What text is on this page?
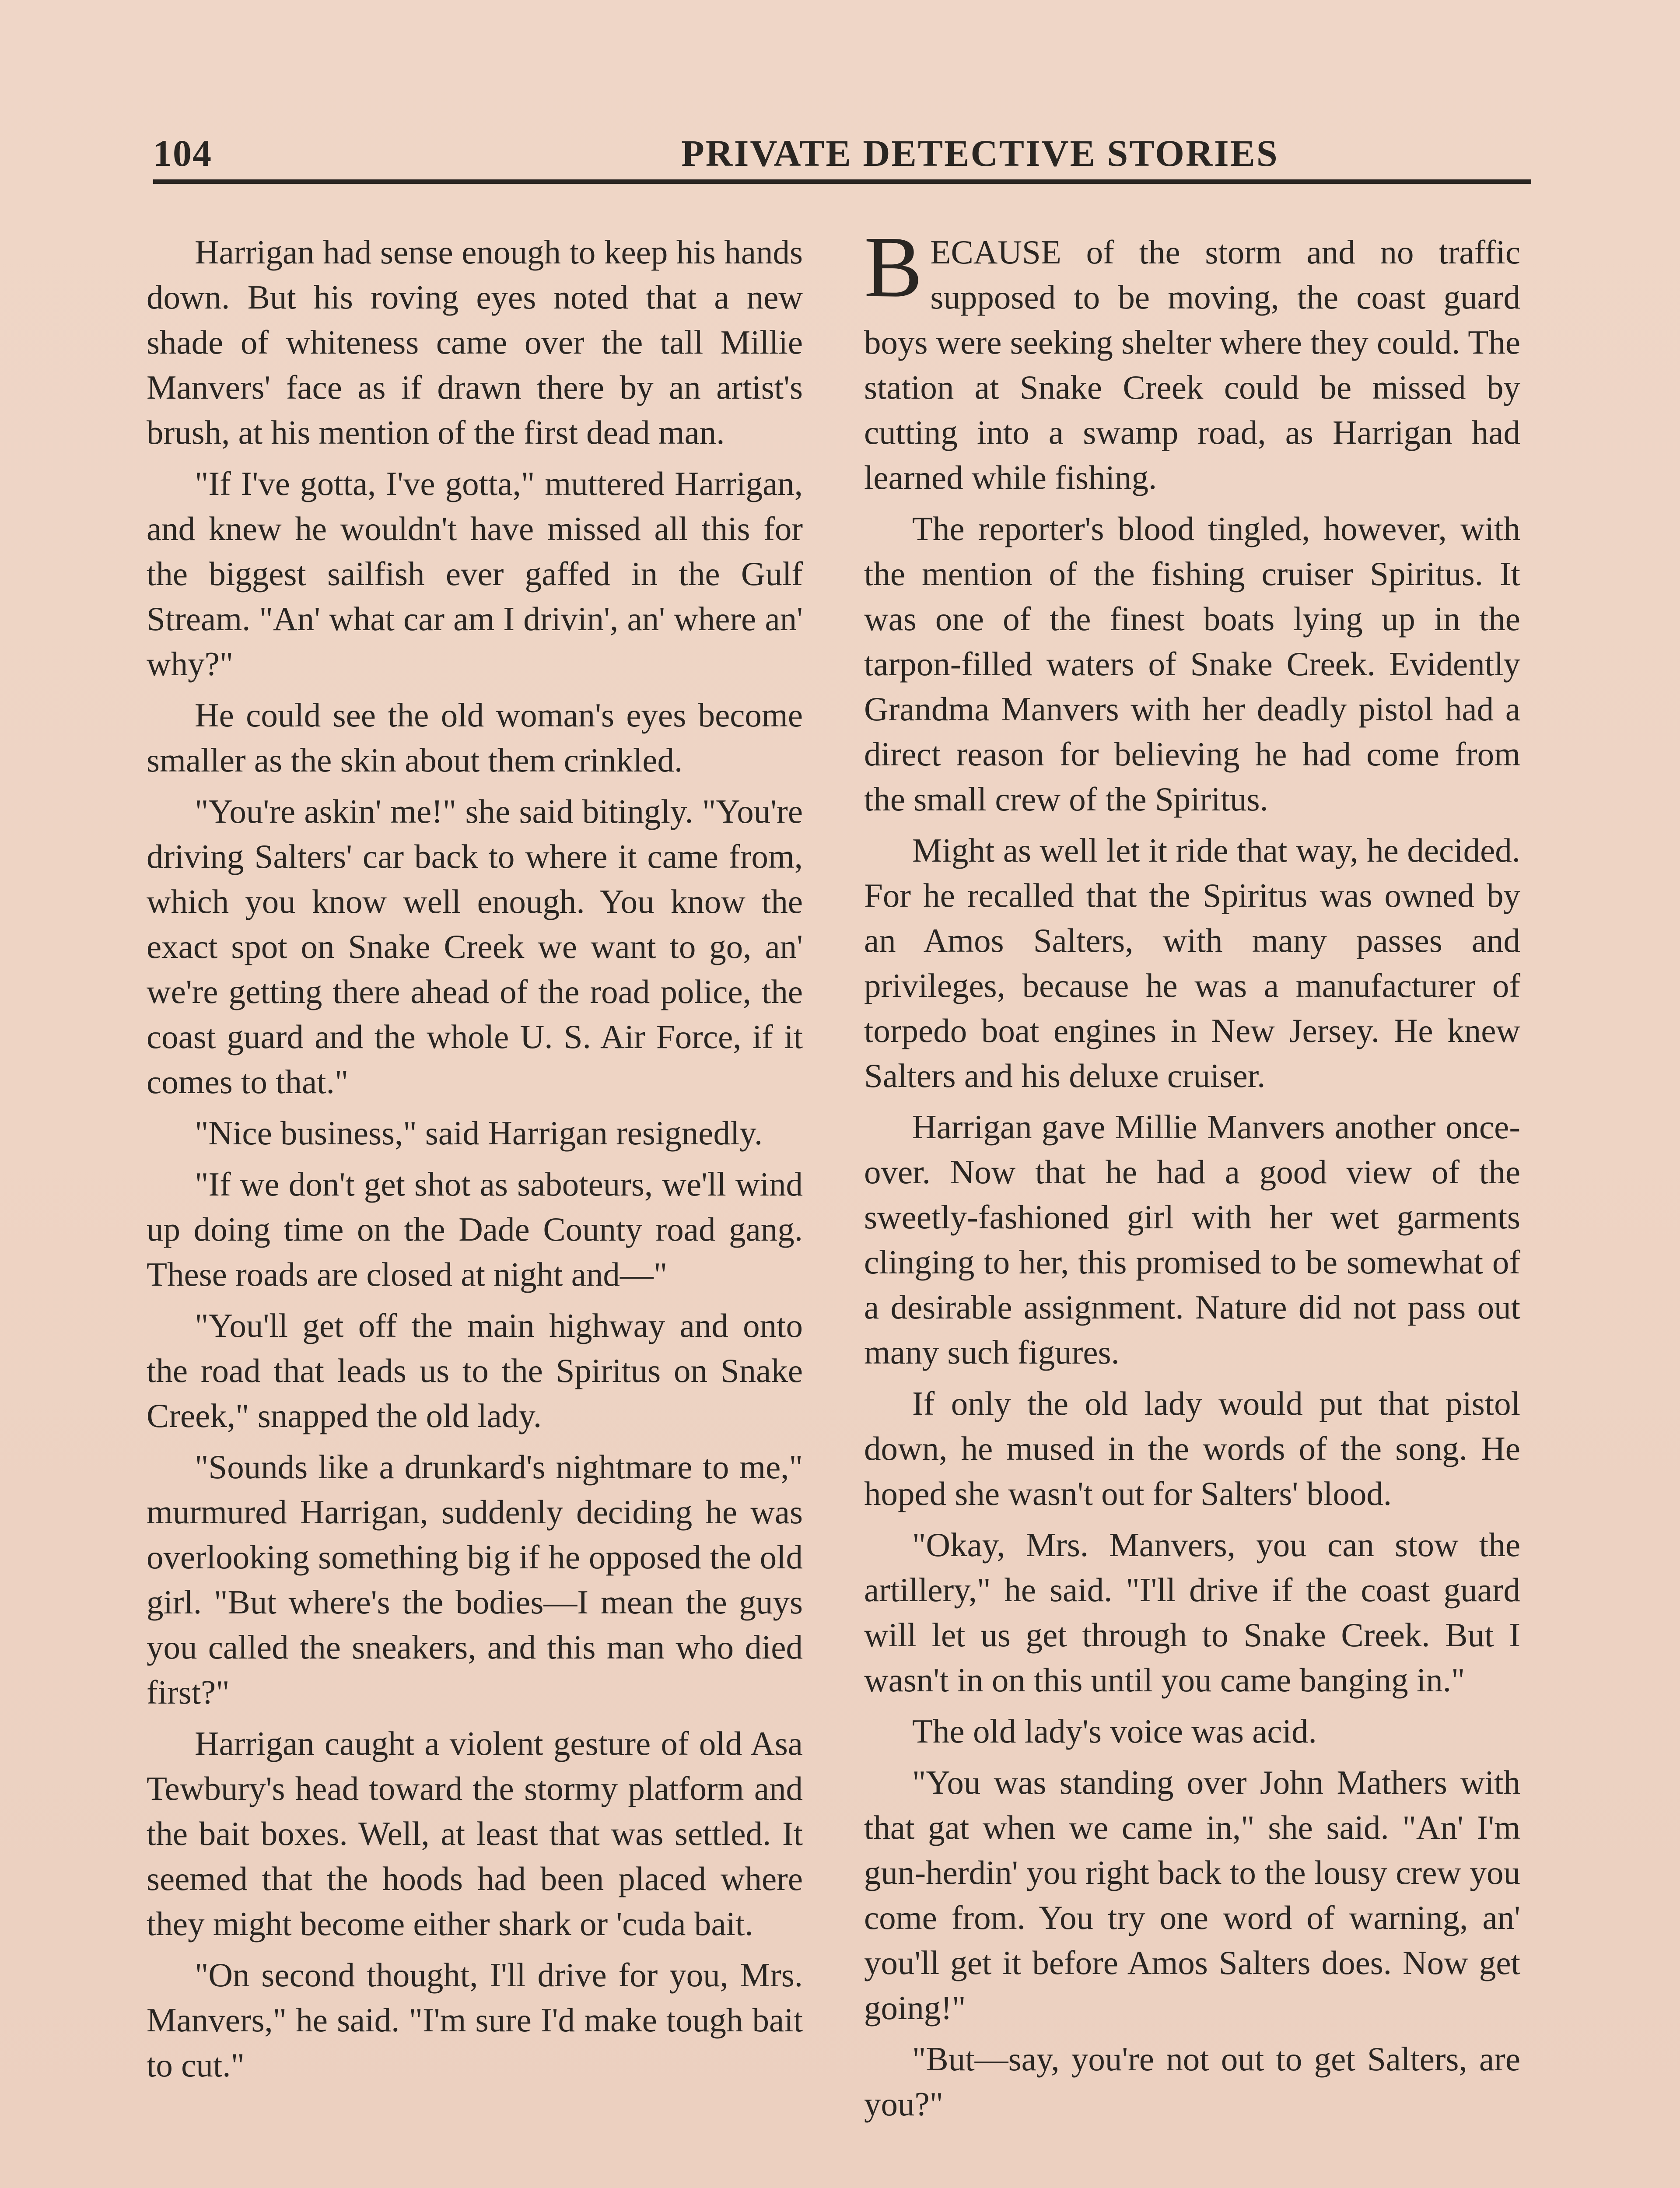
104	PRIVATE DETECTIVE STORIES

Harrigan had sense enough to keep his hands down. But his roving eyes noted that a new shade of whiteness came over the tall Millie Manvers' face as if drawn there by an artist's brush, at his mention of the first dead man.

"If I've gotta, I've gotta," muttered Harrigan, and knew he wouldn't have missed all this for the biggest sailfish ever gaffed in the Gulf Stream. "An' what car am I drivin', an' where an' why?"

He could see the old woman's eyes become smaller as the skin about them crinkled.

"You're askin' me!" she said bitingly. "You're driving Salters' car back to where it came from, which you know well enough. You know the exact spot on Snake Creek we want to go, an' we're getting there ahead of the road police, the coast guard and the whole U. S. Air Force, if it comes to that."

"Nice business," said Harrigan resignedly.

"If we don't get shot as saboteurs, we'll wind up doing time on the Dade County road gang. These roads are closed at night and—"

"You'll get off the main highway and onto the road that leads us to the Spiritus on Snake Creek," snapped the old lady.

"Sounds like a drunkard's nightmare to me," murmured Harrigan, suddenly deciding he was overlooking something big if he opposed the old girl. "But where's the bodies—I mean the guys you called the sneakers, and this man who died first?"

Harrigan caught a violent gesture of old Asa Tewbury's head toward the stormy platform and the bait boxes. Well, at least that was settled. It seemed that the hoods had been placed where they might become either shark or 'cuda bait.

"On second thought, I'll drive for you, Mrs. Manvers," he said. "I'm sure I'd make tough bait to cut."

BECAUSE of the storm and no traffic supposed to be moving, the coast guard boys were seeking shelter where they could. The station at Snake Creek could be missed by cutting into a swamp road, as Harrigan had learned while fishing.

The reporter's blood tingled, however, with the mention of the fishing cruiser Spiritus. It was one of the finest boats lying up in the tarpon-filled waters of Snake Creek. Evidently Grandma Manvers with her deadly pistol had a direct reason for believing he had come from the small crew of the Spiritus.

Might as well let it ride that way, he decided. For he recalled that the Spiritus was owned by an Amos Salters, with many passes and privileges, because he was a manufacturer of torpedo boat engines in New Jersey. He knew Salters and his deluxe cruiser.

Harrigan gave Millie Manvers another once-over. Now that he had a good view of the sweetly-fashioned girl with her wet garments clinging to her, this promised to be somewhat of a desirable assignment. Nature did not pass out many such figures.

If only the old lady would put that pistol down, he mused in the words of the song. He hoped she wasn't out for Salters' blood.

"Okay, Mrs. Manvers, you can stow the artillery," he said. "I'll drive if the coast guard will let us get through to Snake Creek. But I wasn't in on this until you came banging in."

The old lady's voice was acid.

"You was standing over John Mathers with that gat when we came in," she said. "An' I'm gun-herdin' you right back to the lousy crew you come from. You try one word of warning, an' you'll get it before Amos Salters does. Now get going!"

"But—say, you're not out to get Salters, are you?"
